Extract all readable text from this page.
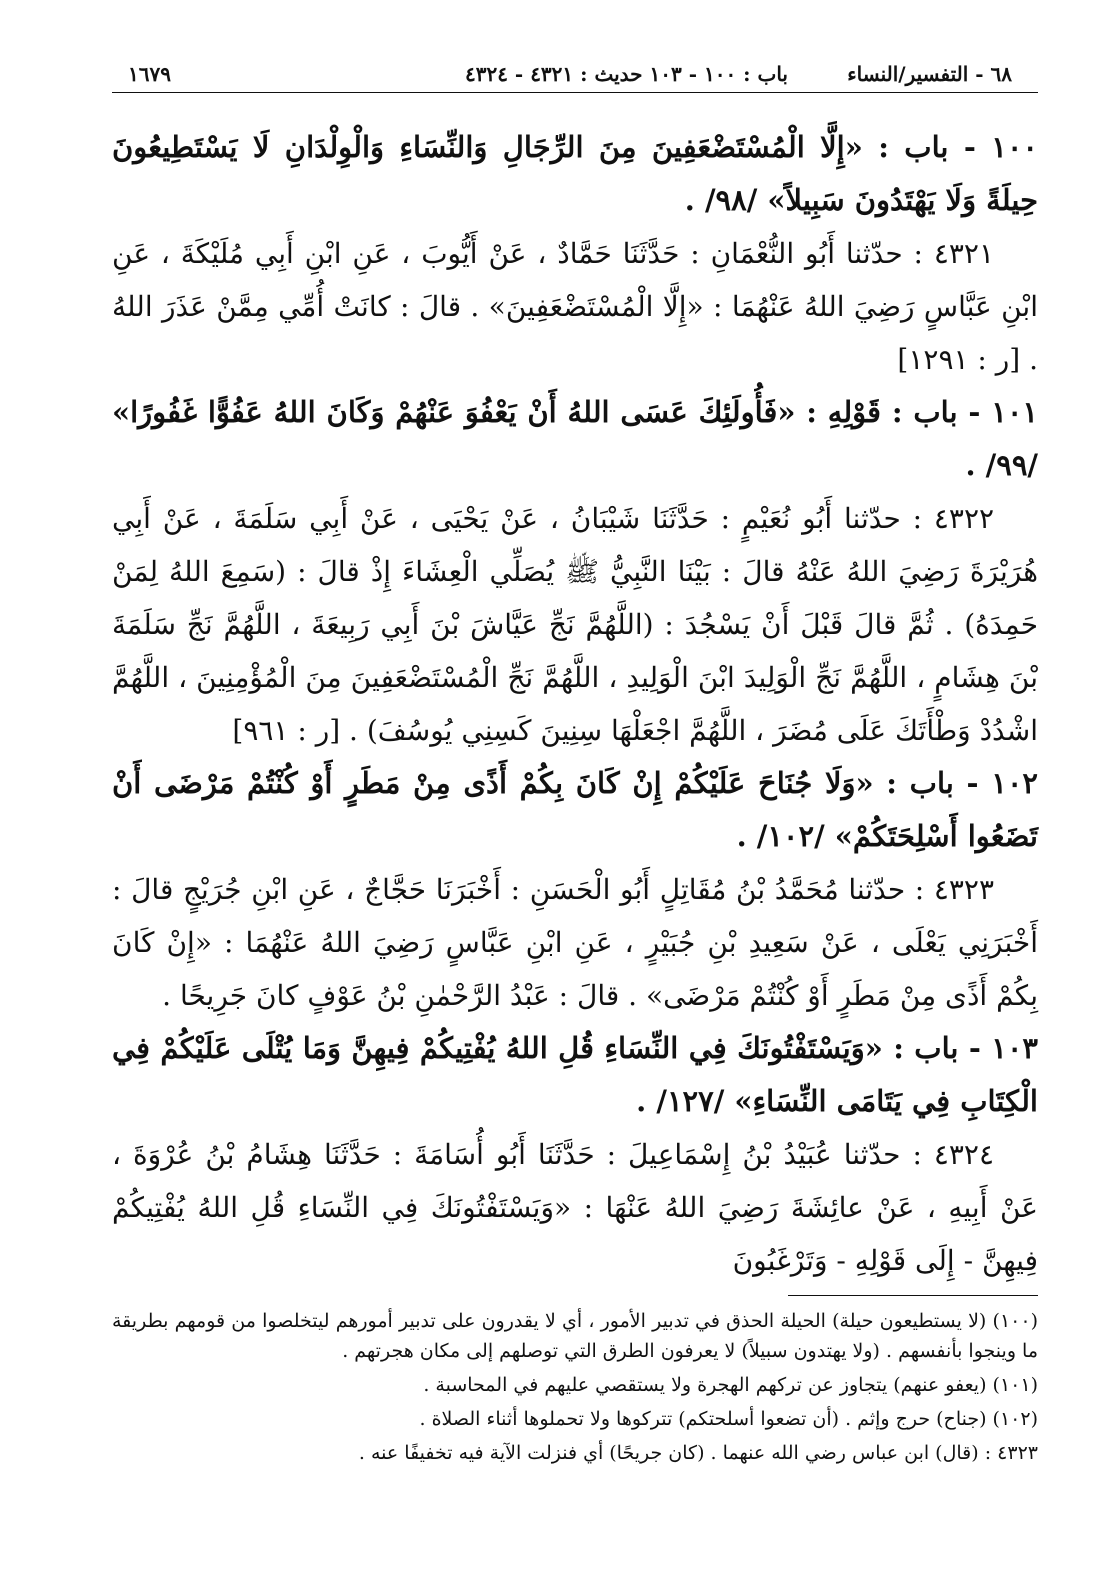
٦٨ - التفسير/النساء
باب : ١٠٠ - ١٠٣ حديث : ٤٣٢١ - ٤٣٢٤
١٦٧٩

١٠٠ - باب : «إِلَّا الْمُسْتَضْعَفِينَ مِنَ الرِّجَالِ وَالنِّسَاءِ وَالْوِلْدَانِ لَا يَسْتَطِيعُونَ حِيلَةً وَلَا يَهْتَدُونَ سَبِيلاً» /٩٨/ .

٤٣٢١ : حدّثنا أَبُو النُّعْمَانِ : حَدَّثَنَا حَمَّادٌ ، عَنْ أَيُّوبَ ، عَنِ ابْنِ أَبِي مُلَيْكَةَ ، عَنِ ابْنِ عَبَّاسٍ رَضِيَ اللهُ عَنْهُمَا : «إِلَّا الْمُسْتَضْعَفِينَ» . قالَ : كانَتْ أُمِّي مِمَّنْ عَذَرَ اللهُ . [ر : ١٢٩١]

١٠١ - باب : قَوْلِهِ : «فَأُولَئِكَ عَسَى اللهُ أَنْ يَعْفُوَ عَنْهُمْ وَكَانَ اللهُ عَفُوًّا غَفُورًا» /٩٩/ .

٤٣٢٢ : حدّثنا أَبُو نُعَيْمٍ : حَدَّثَنَا شَيْبَانُ ، عَنْ يَحْيَى ، عَنْ أَبِي سَلَمَةَ ، عَنْ أَبِي هُرَيْرَةَ رَضِيَ اللهُ عَنْهُ قالَ : بَيْنَا النَّبِيُّ ﷺ يُصَلِّي الْعِشَاءَ إِذْ قالَ : (سَمِعَ اللهُ لِمَنْ حَمِدَهُ) . ثُمَّ قالَ قَبْلَ أَنْ يَسْجُدَ : (اللَّهُمَّ نَجِّ عَيَّاشَ بْنَ أَبِي رَبِيعَةَ ، اللَّهُمَّ نَجِّ سَلَمَةَ بْنَ هِشَامٍ ، اللَّهُمَّ نَجِّ الْوَلِيدَ ابْنَ الْوَلِيدِ ، اللَّهُمَّ نَجِّ الْمُسْتَضْعَفِينَ مِنَ الْمُؤْمِنِينَ ، اللَّهُمَّ اشْدُدْ وَطْأَتَكَ عَلَى مُضَرَ ، اللَّهُمَّ اجْعَلْهَا سِنِينَ كَسِنِي يُوسُفَ) . [ر : ٩٦١]

١٠٢ - باب : «وَلَا جُنَاحَ عَلَيْكُمْ إِنْ كَانَ بِكُمْ أَذًى مِنْ مَطَرٍ أَوْ كُنْتُمْ مَرْضَى أَنْ تَضَعُوا أَسْلِحَتَكُمْ» /١٠٢/ .

٤٣٢٣ : حدّثنا مُحَمَّدُ بْنُ مُقَاتِلٍ أَبُو الْحَسَنِ : أَخْبَرَنَا حَجَّاجٌ ، عَنِ ابْنِ جُرَيْجٍ قالَ : أَخْبَرَنِي يَعْلَى ، عَنْ سَعِيدِ بْنِ جُبَيْرٍ ، عَنِ ابْنِ عَبَّاسٍ رَضِيَ اللهُ عَنْهُمَا : «إِنْ كَانَ بِكُمْ أَذًى مِنْ مَطَرٍ أَوْ كُنْتُمْ مَرْضَى» . قالَ : عَبْدُ الرَّحْمٰنِ بْنُ عَوْفٍ كانَ جَرِيحًا .

١٠٣ - باب : «وَيَسْتَفْتُونَكَ فِي النِّسَاءِ قُلِ اللهُ يُفْتِيكُمْ فِيهِنَّ وَمَا يُتْلَى عَلَيْكُمْ فِي الْكِتَابِ فِي يَتَامَى النِّسَاءِ» /١٢٧/ .

٤٣٢٤ : حدّثنا عُبَيْدُ بْنُ إِسْمَاعِيلَ : حَدَّثَنَا أَبُو أُسَامَةَ : حَدَّثَنَا هِشَامُ بْنُ عُرْوَةَ ، عَنْ أَبِيهِ ، عَنْ عائِشَةَ رَضِيَ اللهُ عَنْهَا : «وَيَسْتَفْتُونَكَ فِي النِّسَاءِ قُلِ اللهُ يُفْتِيكُمْ فِيهِنَّ - إِلَى قَوْلِهِ - وَتَرْغَبُونَ

(١٠٠) (لا يستطيعون حيلة) الحيلة الحذق في تدبير الأمور ، أي لا يقدرون على تدبير أمورهم ليتخلصوا من قومهم بطريقة ما وينجوا بأنفسهم . (ولا يهتدون سبيلاً) لا يعرفون الطرق التي توصلهم إلى مكان هجرتهم .

(١٠١) (يعفو عنهم) يتجاوز عن تركهم الهجرة ولا يستقصي عليهم في المحاسبة .

(١٠٢) (جناح) حرج وإثم . (أن تضعوا أسلحتكم) تتركوها ولا تحملوها أثناء الصلاة .

٤٣٢٣ : (قال) ابن عباس رضي الله عنهما . (كان جريحًا) أي فنزلت الآية فيه تخفيفًا عنه .
